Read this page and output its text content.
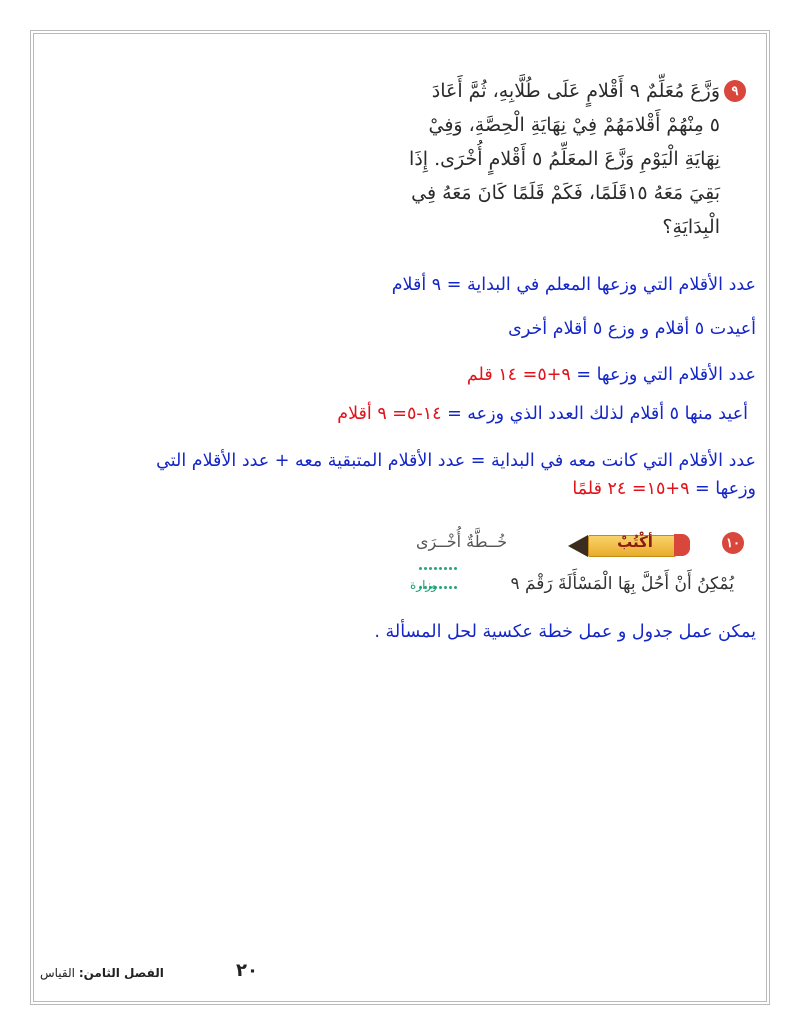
٩
وَزَّعَ مُعَلِّمٌ ٩ أَقْلامٍ عَلَى طُلَّابِهِ، ثُمَّ أَعَادَ
٥ مِنْهُمْ أَقْلامَهُمْ فِيْ نِهَايَةِ الْحِصَّةِ، وَفِيْ
نِهَايَةِ الْيَوْمِ وَزَّعَ المعَلِّمُ ٥ أَقْلامٍ أُخْرَى. إِذَا
بَقِيَ مَعَهُ ١٥قَلَمًا، فَكَمْ قَلَمًا كَانَ مَعَهُ فِي
الْبِدَايَةِ؟
عدد الأقلام التي وزعها المعلم في البداية = ٩ أقلام
أعيدت ٥ أقلام و وزع ٥ أقلام أخرى
عدد الأقلام التي وزعها = ٩+٥= ١٤ قلم
أعيد منها ٥ أقلام لذلك العدد الذي وزعه = ١٤-٥= ٩ أقلام
عدد الأقلام التي كانت معه في البداية = عدد الأقلام المتبقية معه + عدد الأقلام التي
وزعها = ٩+١٥= ٢٤ قلمًا
١٠
أكْتُبْ
خُــطَّةٌ أُخْــرَى

وزارة	يُمْكِنُ أَنْ أَحُلَّ بِهَا الْمَسْأَلَةَ رَقْمَ ٩
يمكن عمل جدول و عمل خطة عكسية لحل المسألة .
٢٠
الفصل الثامن: القياس
